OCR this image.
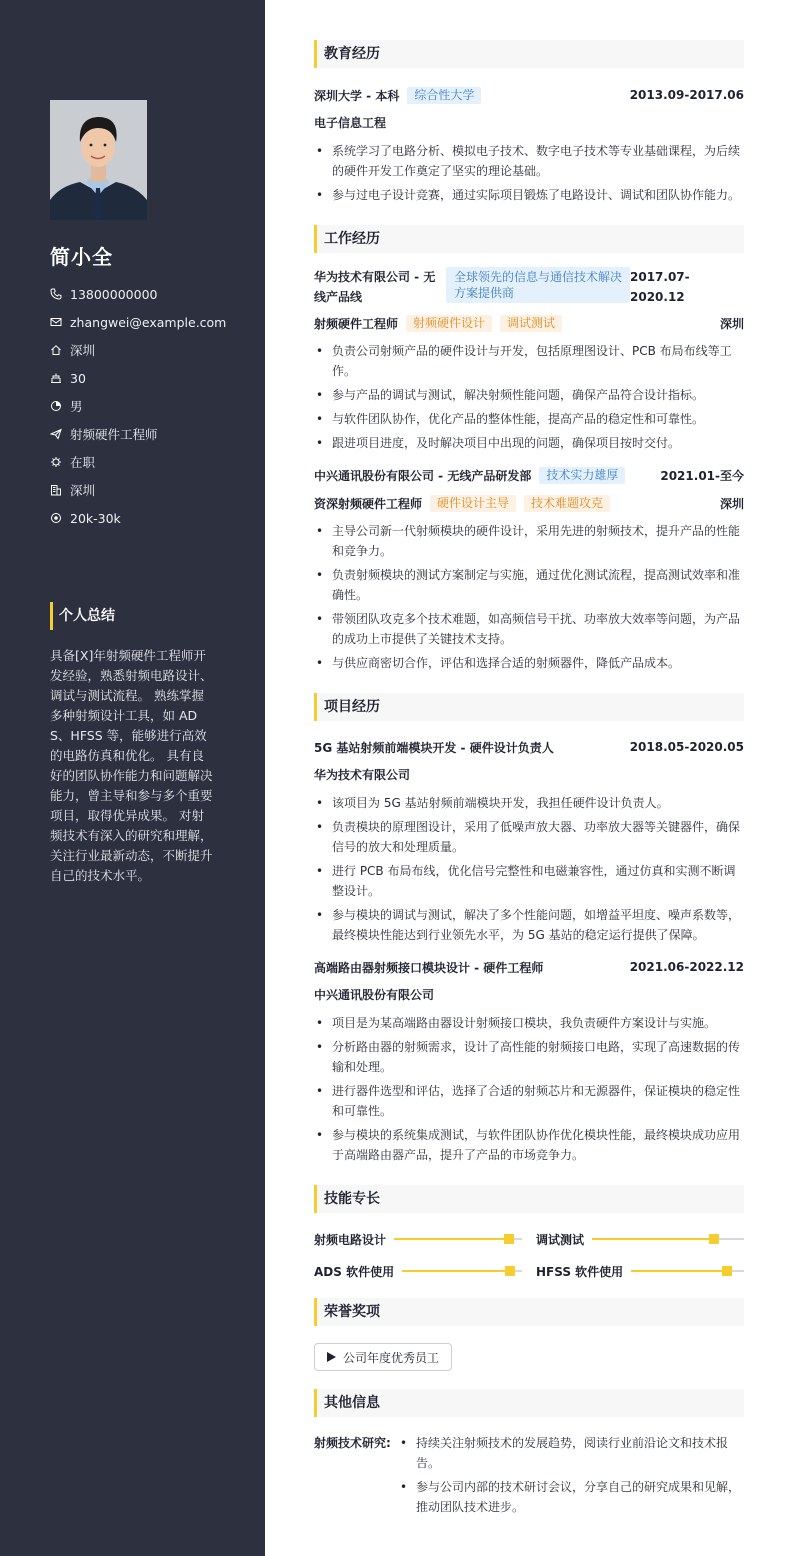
简小全
13800000000
zhangwei@example.com
深圳
30
男
射频硬件工程师
在职
深圳
20k-30k
个人总结
具备[X]年射频硬件工程师开发经验，熟悉射频电路设计、调试与测试流程。 熟练掌握多种射频设计工具，如 ADS、HFSS 等，能够进行高效的电路仿真和优化。 具有良好的团队协作能力和问题解决能力，曾主导和参与多个重要项目，取得优异成果。 对射频技术有深入的研究和理解，关注行业最新动态，不断提升自己的技术水平。
教育经历
深圳大学 - 本科	综合性大学	2013.09-2017.06
电子信息工程
• 系统学习了电路分析、模拟电子技术、数字电子技术等专业基础课程，为后续的硬件开发工作奠定了坚实的理论基础。
• 参与过电子设计竞赛，通过实际项目锻炼了电路设计、调试和团队协作能力。
工作经历
华为技术有限公司 - 无线产品线
全球领先的信息与通信技术解决方案提供商
2017.07-2020.12
射频硬件工程师	射频硬件设计	调试测试	深圳
• 负责公司射频产品的硬件设计与开发，包括原理图设计、PCB 布局布线等工作。
• 参与产品的调试与测试，解决射频性能问题，确保产品符合设计指标。
• 与软件团队协作，优化产品的整体性能，提高产品的稳定性和可靠性。
• 跟进项目进度，及时解决项目中出现的问题，确保项目按时交付。
中兴通讯股份有限公司 - 无线产品研发部	技术实力雄厚	2021.01-至今
资深射频硬件工程师	硬件设计主导	技术难题攻克	深圳
• 主导公司新一代射频模块的硬件设计，采用先进的射频技术，提升产品的性能和竞争力。
• 负责射频模块的测试方案制定与实施，通过优化测试流程，提高测试效率和准确性。
• 带领团队攻克多个技术难题，如高频信号干扰、功率放大效率等问题，为产品的成功上市提供了关键技术支持。
• 与供应商密切合作，评估和选择合适的射频器件，降低产品成本。
项目经历
5G 基站射频前端模块开发 - 硬件设计负责人	2018.05-2020.05
华为技术有限公司
• 该项目为 5G 基站射频前端模块开发，我担任硬件设计负责人。
• 负责模块的原理图设计，采用了低噪声放大器、功率放大器等关键器件，确保信号的放大和处理质量。
• 进行 PCB 布局布线，优化信号完整性和电磁兼容性，通过仿真和实测不断调整设计。
• 参与模块的调试与测试，解决了多个性能问题，如增益平坦度、噪声系数等，最终模块性能达到行业领先水平，为 5G 基站的稳定运行提供了保障。
高端路由器射频接口模块设计 - 硬件工程师	2021.06-2022.12
中兴通讯股份有限公司
• 项目是为某高端路由器设计射频接口模块，我负责硬件方案设计与实施。
• 分析路由器的射频需求，设计了高性能的射频接口电路，实现了高速数据的传输和处理。
• 进行器件选型和评估，选择了合适的射频芯片和无源器件，保证模块的稳定性和可靠性。
• 参与模块的系统集成测试，与软件团队协作优化模块性能，最终模块成功应用于高端路由器产品，提升了产品的市场竞争力。
技能专长
射频电路设计	调试测试
ADS 软件使用	HFSS 软件使用
荣誉奖项
公司年度优秀员工
其他信息
射频技术研究:
•	持续关注射频技术的发展趋势，阅读行业前沿论文和技术报告。
• 参与公司内部的技术研讨会议，分享自己的研究成果和见解，推动团队技术进步。
